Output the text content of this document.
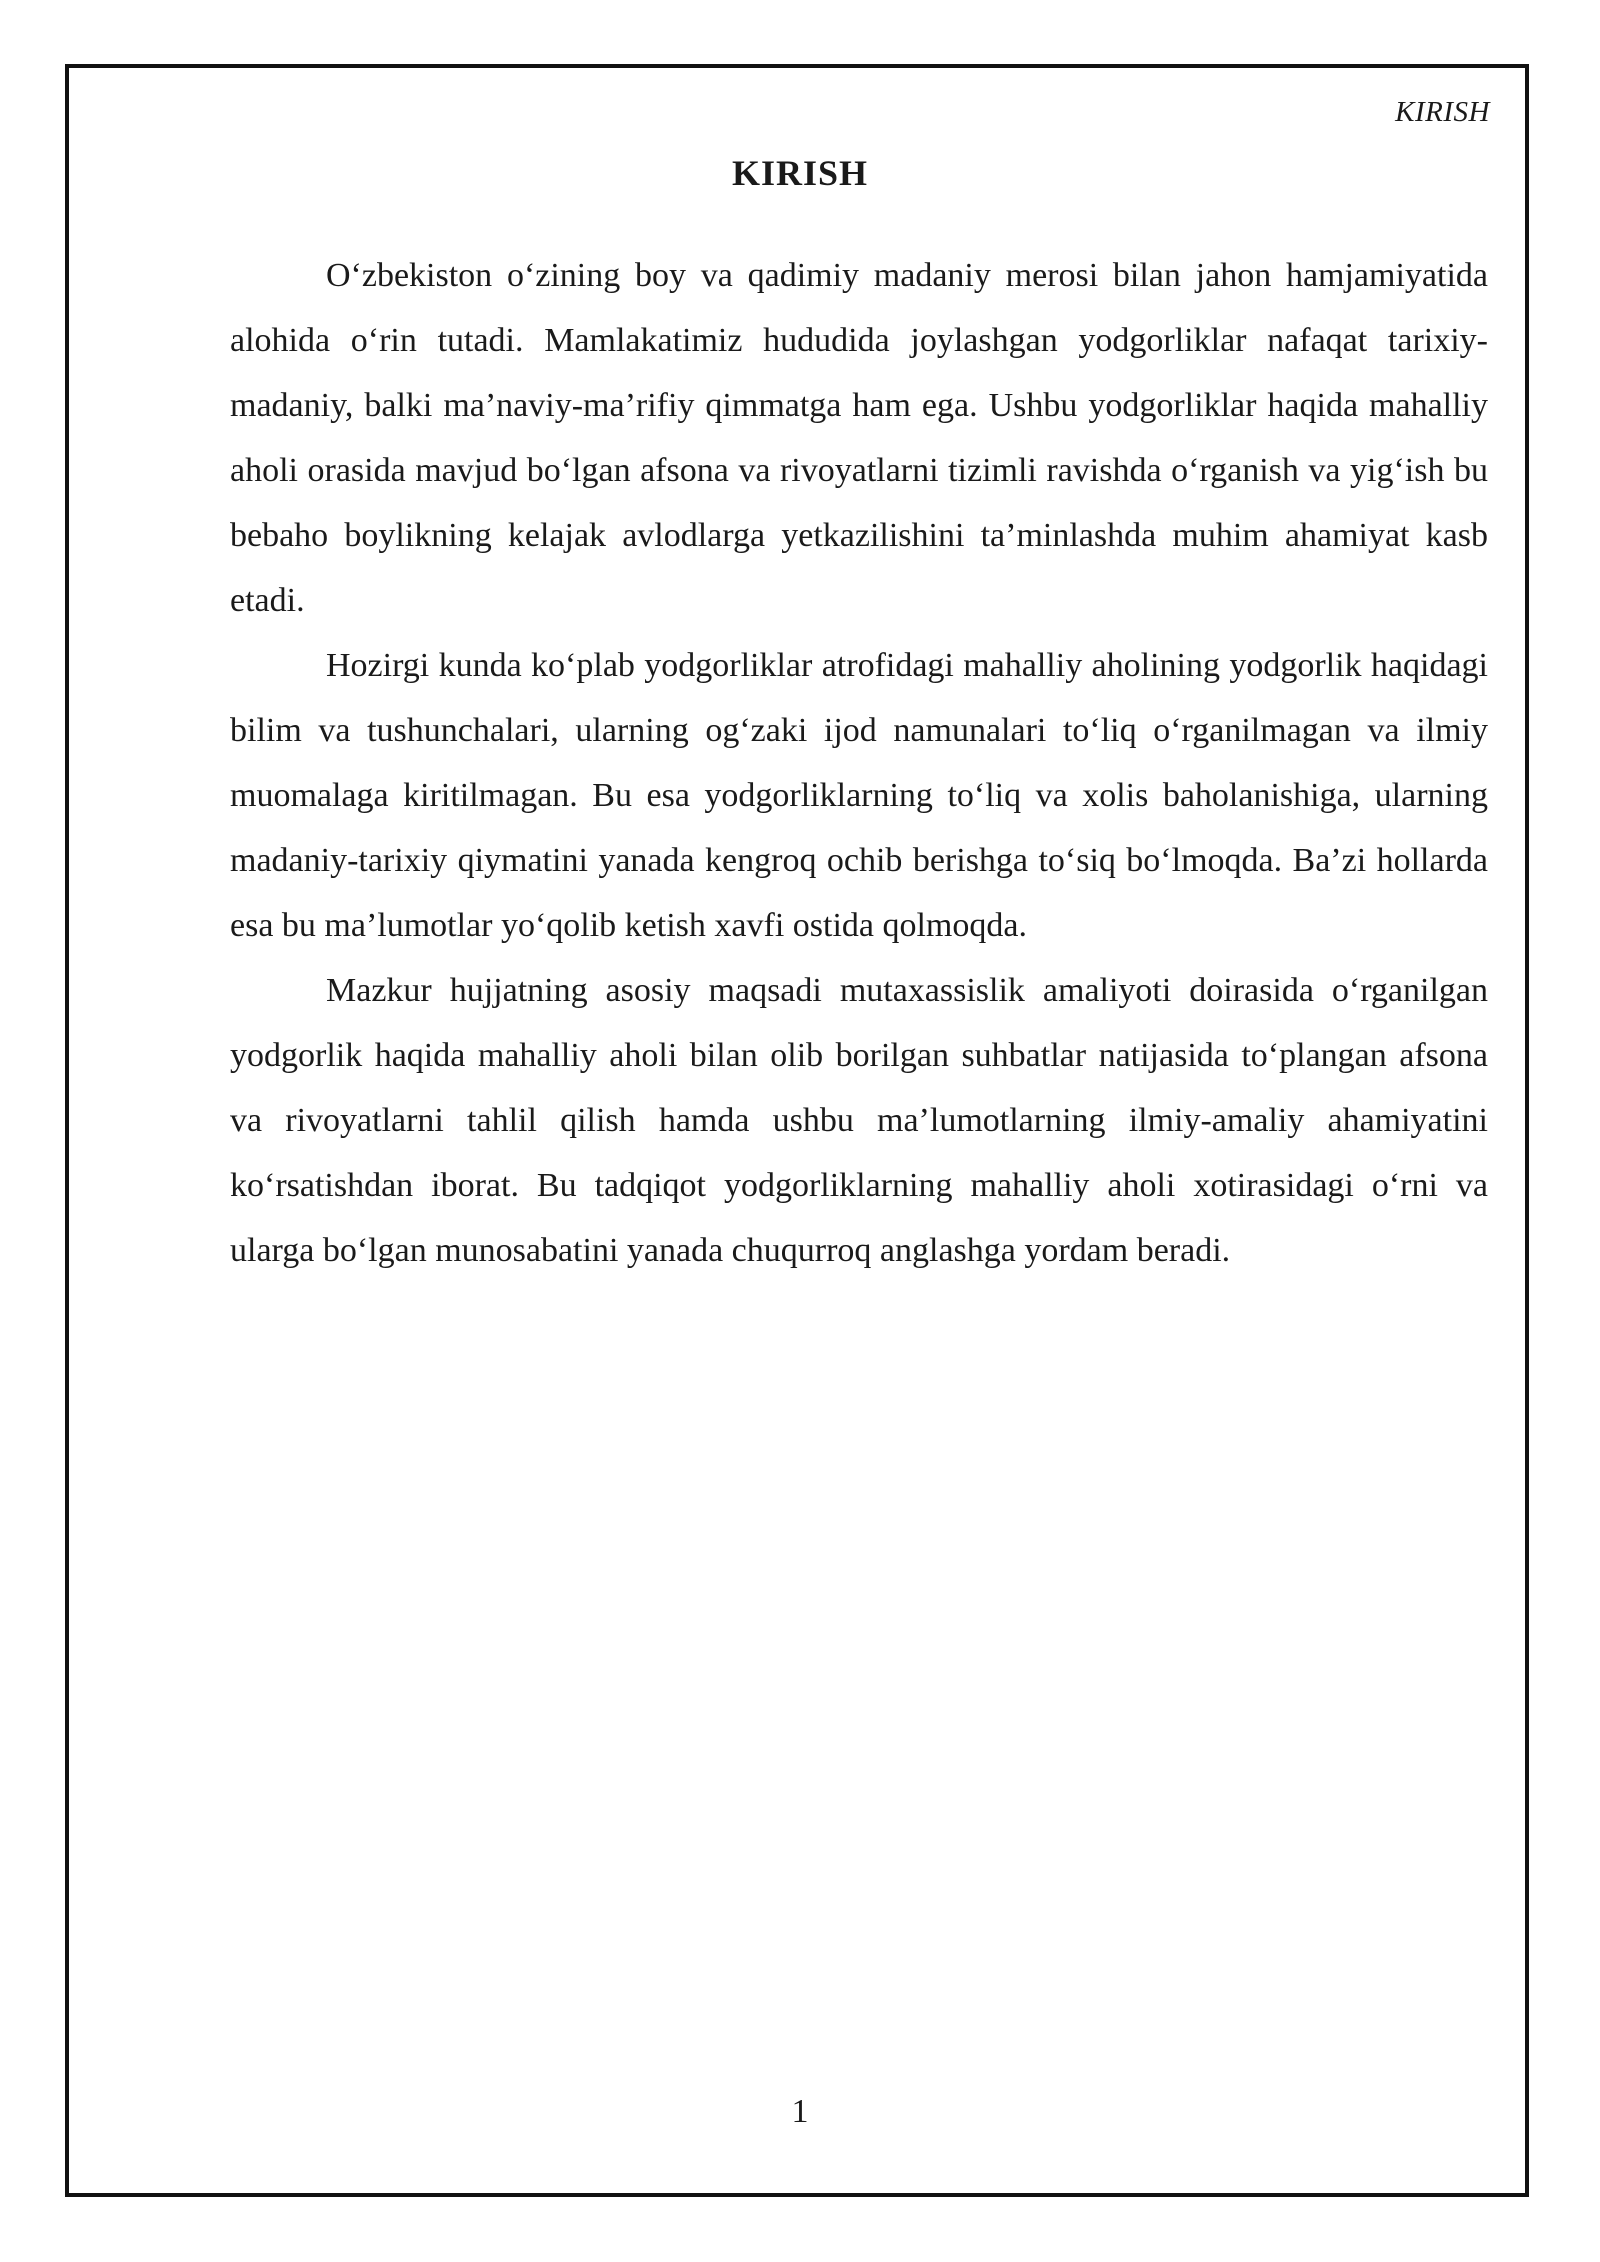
KIRISH
KIRISH

O‘zbekiston o‘zining boy va qadimiy madaniy merosi bilan jahon hamjamiyatida alohida o‘rin tutadi. Mamlakatimiz hududida joylashgan yodgorliklar nafaqat tarixiy-madaniy, balki ma’naviy-ma’rifiy qimmatga ham ega. Ushbu yodgorliklar haqida mahalliy aholi orasida mavjud bo‘lgan afsona va rivoyatlarni tizimli ravishda o‘rganish va yig‘ish bu bebaho boylikning kelajak avlodlarga yetkazilishini ta’minlashda muhim ahamiyat kasb etadi.

Hozirgi kunda ko‘plab yodgorliklar atrofidagi mahalliy aholining yodgorlik haqidagi bilim va tushunchalari, ularning og‘zaki ijod namunalari to‘liq o‘rganilmagan va ilmiy muomalaga kiritilmagan. Bu esa yodgorliklarning to‘liq va xolis baholanishiga, ularning madaniy-tarixiy qiymatini yanada kengroq ochib berishga to‘siq bo‘lmoqda. Ba’zi hollarda esa bu ma’lumotlar yo‘qolib ketish xavfi ostida qolmoqda.

Mazkur hujjatning asosiy maqsadi mutaxassislik amaliyoti doirasida o‘rganilgan yodgorlik haqida mahalliy aholi bilan olib borilgan suhbatlar natijasida to‘plangan afsona va rivoyatlarni tahlil qilish hamda ushbu ma’lumotlarning ilmiy-amaliy ahamiyatini ko‘rsatishdan iborat. Bu tadqiqot yodgorliklarning mahalliy aholi xotirasidagi o‘rni va ularga bo‘lgan munosabatini yanada chuqurroq anglashga yordam beradi.

1
